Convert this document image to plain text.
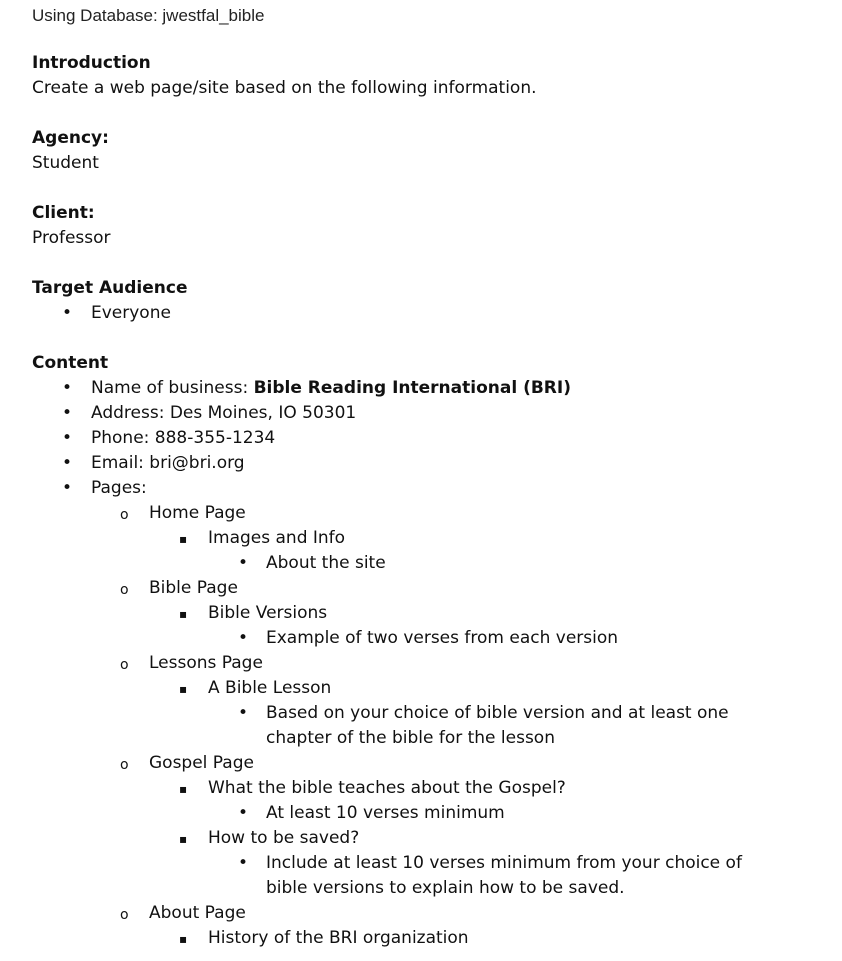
Using Database: jwestfal_bible
Introduction
Create a web page/site based on the following information.
Agency:
Student
Client:
Professor
Target Audience
•
Everyone
Content
•
Name of business: Bible Reading International (BRI)
•
Address: Des Moines, IO 50301
•
Phone: 888-355-1234
•
Email: bri@bri.org
•
Pages:
o
Home Page
▪
Images and Info
•
About the site
o
Bible Page
▪
Bible Versions
•
Example of two verses from each version
o
Lessons Page
▪
A Bible Lesson
•
Based on your choice of bible version and at least one
chapter of the bible for the lesson
o
Gospel Page
▪
What the bible teaches about the Gospel?
•
At least 10 verses minimum
▪
How to be saved?
•
Include at least 10 verses minimum from your choice of
bible versions to explain how to be saved.
o
About Page
▪
History of the BRI organization
